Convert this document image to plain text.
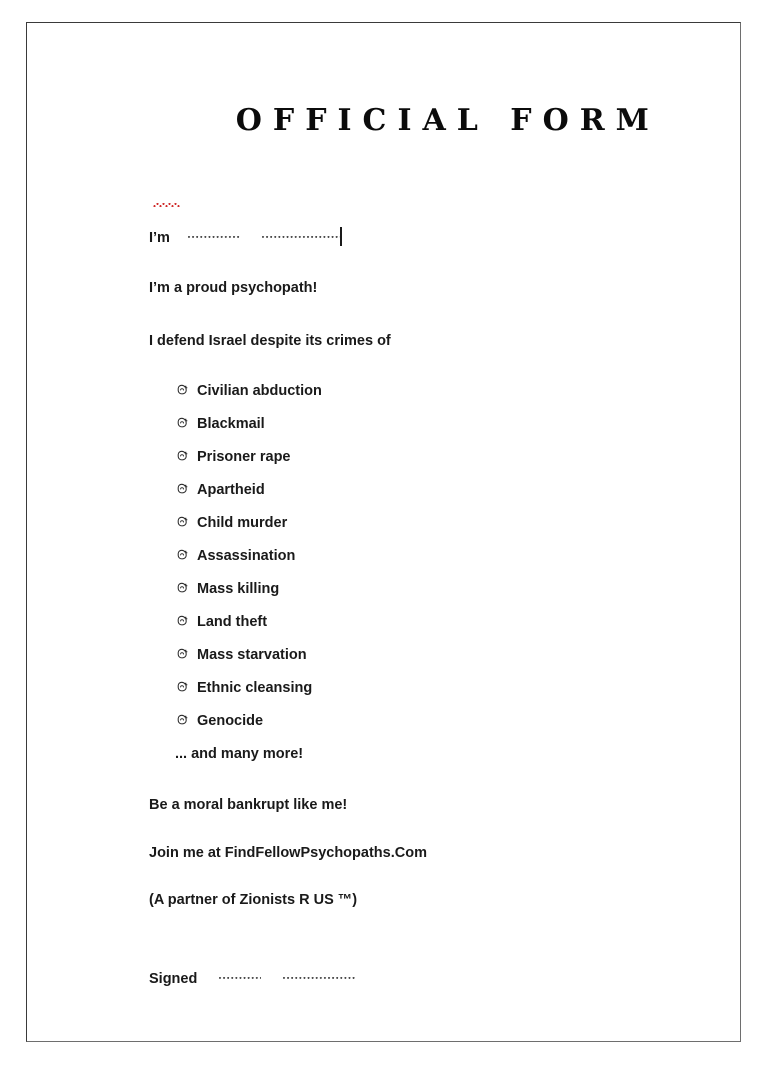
OFFICIAL FORM

I’m
I’m a proud psychopath!
I defend Israel despite its crimes of
Civilian abduction
Blackmail
Prisoner rape
Apartheid
Child murder
Assassination
Mass killing
Land theft
Mass starvation
Ethnic cleansing
Genocide
... and many more!
Be a moral bankrupt like me!
Join me at FindFellowPsychopaths.Com
(A partner of Zionists R US ™)
Signed
